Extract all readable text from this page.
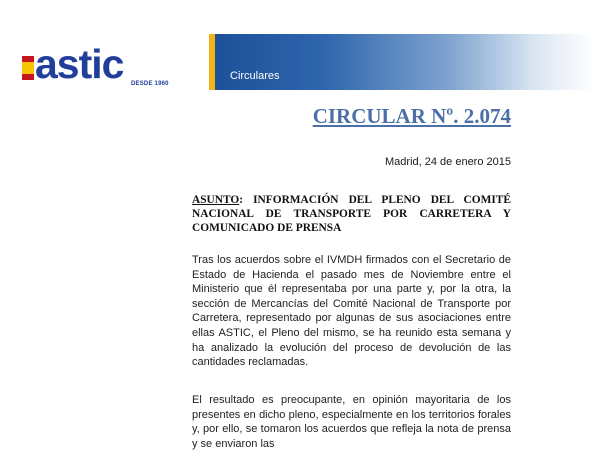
astic DESDE 1960
Circulares
CIRCULAR Nº. 2.074
Madrid, 24 de enero 2015
ASUNTO: INFORMACIÓN DEL PLENO DEL COMITÉ NACIONAL DE TRANSPORTE POR CARRETERA Y COMUNICADO DE PRENSA

Tras los acuerdos sobre el IVMDH firmados con el Secretario de Estado de Hacienda el pasado mes de Noviembre entre el Ministerio que él representaba por una parte y, por la otra, la sección de Mercancías del Comité Nacional de Transporte por Carretera, representado por algunas de sus asociaciones entre ellas ASTIC, el Pleno del mismo, se ha reunido esta semana y ha analizado la evolución del proceso de devolución de las cantidades reclamadas.

El resultado es preocupante, en opinión mayoritaria de los presentes en dicho pleno, especialmente en los territorios forales y, por ello, se tomaron los acuerdos que refleja la nota de prensa y se enviaron las
